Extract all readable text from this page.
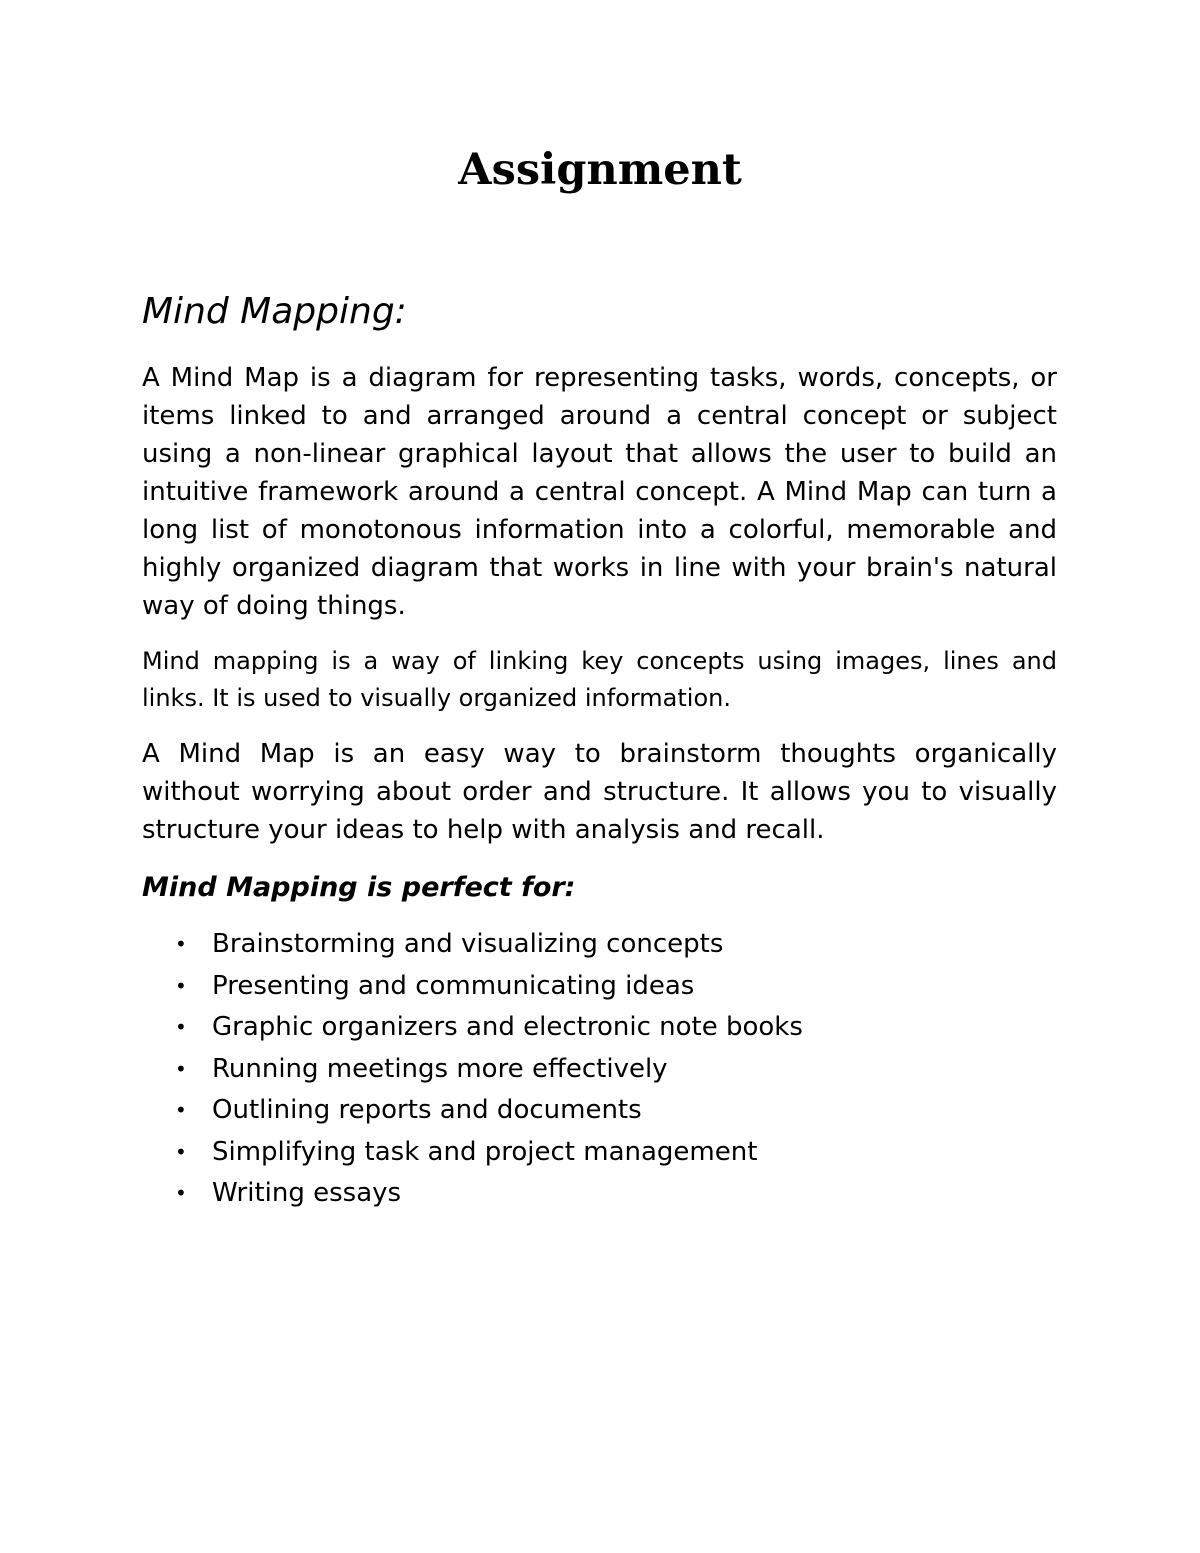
Assignment
Mind Mapping:

A Mind Map is a diagram for representing tasks, words, concepts, or items linked to and arranged around a central concept or subject using a non-linear graphical layout that allows the user to build an intuitive framework around a central concept. A Mind Map can turn a long list of monotonous information into a colorful, memorable and highly organized diagram that works in line with your brain's natural way of doing things.

Mind mapping is a way of linking key concepts using images, lines and links. It is used to visually organized information.

A Mind Map is an easy way to brainstorm thoughts organically without worrying about order and structure. It allows you to visually structure your ideas to help with analysis and recall.

Mind Mapping is perfect for:
• Brainstorming and visualizing concepts
• Presenting and communicating ideas
• Graphic organizers and electronic note books
• Running meetings more effectively
• Outlining reports and documents
• Simplifying task and project management
• Writing essays
